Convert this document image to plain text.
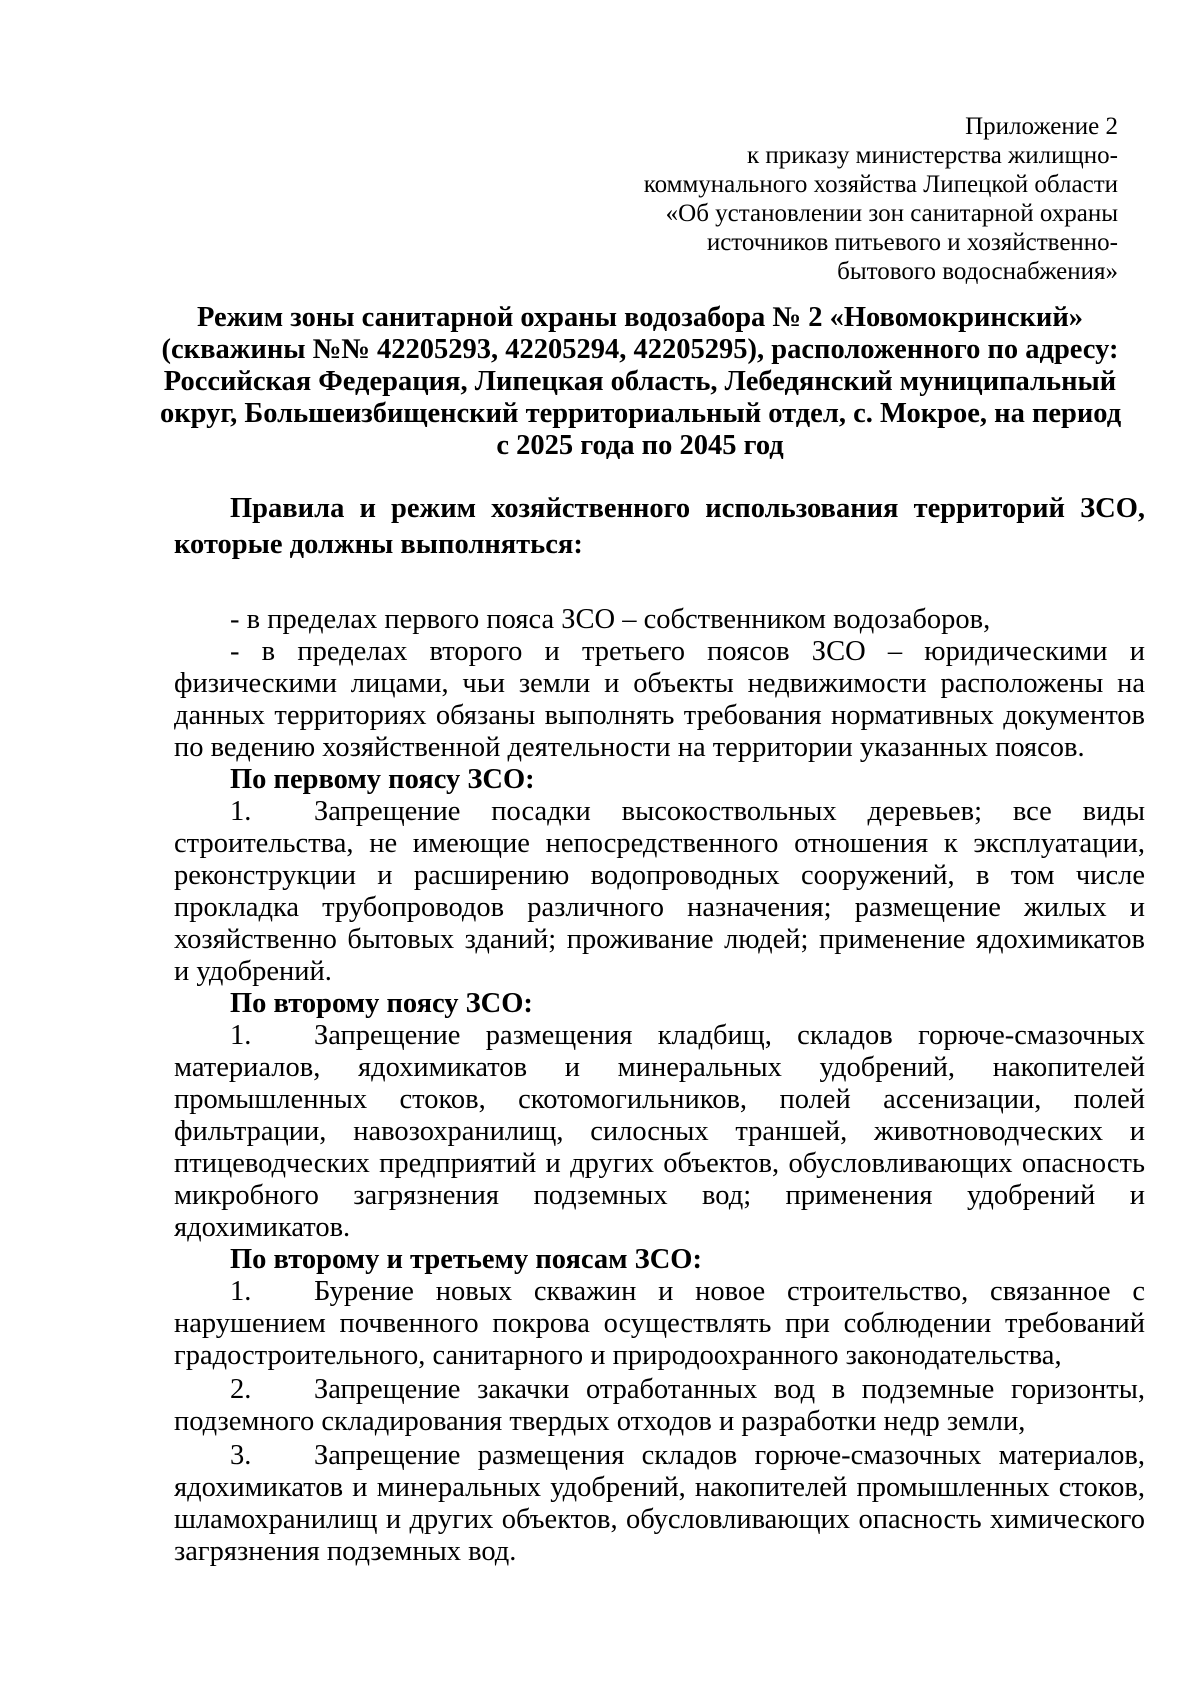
Приложение 2
к приказу министерства жилищно-
коммунального хозяйства Липецкой области
«Об установлении зон санитарной охраны
источников питьевого и хозяйственно-
бытового водоснабжения»
Режим зоны санитарной охраны водозабора № 2 «Новомокринский»
(скважины №№ 42205293, 42205294, 42205295), расположенного по адресу:
Российская Федерация, Липецкая область, Лебедянский муниципальный
округ, Большеизбищенский территориальный отдел, с. Мокрое, на период
с 2025 года по 2045 год
Правила и режим хозяйственного использования территорий ЗСО, которые должны выполняться:

- в пределах первого пояса ЗСО – собственником водозаборов,

- в пределах второго и третьего поясов ЗСО – юридическими и физическими лицами, чьи земли и объекты недвижимости расположены на данных территориях обязаны выполнять требования нормативных документов по ведению хозяйственной деятельности на территории указанных поясов.

По первому поясу ЗСО:

1. Запрещение посадки высокоствольных деревьев; все виды строительства, не имеющие непосредственного отношения к эксплуатации, реконструкции и расширению водопроводных сооружений, в том числе прокладка трубопроводов различного назначения; размещение жилых и хозяйственно бытовых зданий; проживание людей; применение ядохимикатов и удобрений.

По второму поясу ЗСО:

1. Запрещение размещения кладбищ, складов горюче-смазочных материалов, ядохимикатов и минеральных удобрений, накопителей промышленных стоков, скотомогильников, полей ассенизации, полей фильтрации, навозохранилищ, силосных траншей, животноводческих и птицеводческих предприятий и других объектов, обусловливающих опасность микробного загрязнения подземных вод; применения удобрений и ядохимикатов.

По второму и третьему поясам ЗСО:

1. Бурение новых скважин и новое строительство, связанное с нарушением почвенного покрова осуществлять при соблюдении требований градостроительного, санитарного и природоохранного законодательства,

2. Запрещение закачки отработанных вод в подземные горизонты, подземного складирования твердых отходов и разработки недр земли,

3. Запрещение размещения складов горюче-смазочных материалов, ядохимикатов и минеральных удобрений, накопителей промышленных стоков, шламохранилищ и других объектов, обусловливающих опасность химического загрязнения подземных вод.
